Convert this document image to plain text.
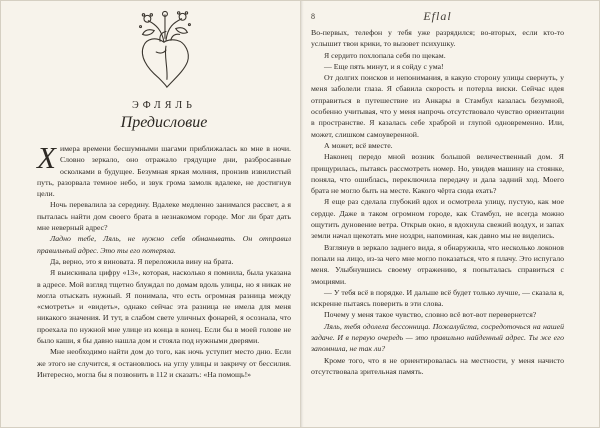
ЭФЛЯЛЬ
Предисловие

Химера времени бесшумными шагами приближалась ко мне в ночи. Словно зеркало, оно отражало грядущие дни, разбросанные осколками в будущее. Безумная яркая молния, пронзив извилистый путь, разорвала темное небо, и звук грома замолк вдалеке, не достигнув цели.

Ночь перевалила за середину. Вдалеке медленно занимался рассвет, а я пыталась найти дом своего брата в незнакомом городе. Мог ли брат дать мне неверный адрес?

Ладно тебе, Ляль, не нужно себя обманывать. Он отправил правильный адрес. Это ты его потеряла.

Да, верно, это я виновата. Я переложила вину на брата.

Я выискивала цифру «13», которая, насколько я помнила, была указана в адресе. Мой взгляд тщетно блуждал по домам вдоль улицы, но я никак не могла отыскать нужный. Я понимала, что есть огромная разница между «смотреть» и «видеть», однако сейчас эта разница не имела для меня никакого значения. И тут, в слабом свете уличных фонарей, я осознала, что проехала по нужной мне улице из конца в конец. Если бы в моей голове не было каши, я бы давно нашла дом и стояла под нужными дверями.

Мне необходимо найти дом до того, как ночь уступит место дню. Если же этого не случится, я остановлюсь на углу улицы и закричу от бессилия. Интересно, могла бы я позвонить в 112 и сказать: «На помощь!»

8	Eflal

Во-первых, телефон у тебя уже разрядился; во-вторых, если кто-то услышит твои крики, то вызовет психушку.

Я сердито похлопала себя по щекам.

— Еще пять минут, и я сойду с ума!

От долгих поисков и непонимания, в какую сторону улицы свернуть, у меня заболели глаза. Я сбавила скорость и потерла виски. Сейчас идея отправиться в путешествие из Анкары в Стамбул казалась безумной, особенно учитывая, что у меня напрочь отсутствовало чувство ориентации в пространстве. Я казалась себе храброй и глупой одновременно. Или, может, слишком самоуверенной.

А может, всё вместе.

Наконец передо мной возник большой величественный дом. Я прищурилась, пытаясь рассмотреть номер. Но, увидев машину на стоянке, поняла, что ошиблась, переключила передачу и дала задний ход. Моего брата не могло быть на месте. Какого чёрта сюда ехать?

Я еще раз сделала глубокий вдох и осмотрела улицу, пустую, как мое сердце. Даже в таком огромном городе, как Стамбул, не всегда можно ощутить дуновение ветра. Открыв окно, я вдохнула свежий воздух, и запах земли начал щекотать мне ноздри, напоминая, как давно мы не виделись.

Взглянув в зеркало заднего вида, я обнаружила, что несколько локонов попали на лицо, из-за чего мне могло показаться, что я плачу. Это испугало меня. Улыбнувшись своему отражению, я попыталась справиться с эмоциями.

— У тебя всё в порядке. И дальше всё будет только лучше, — сказала я, искренне пытаясь поверить в эти слова.

Почему у меня такое чувство, словно всё вот-вот перевернется?

Ляль, тебя одолела бессонница. Пожалуйста, сосредоточься на нашей задаче. И в первую очередь — это правильно найденный адрес. Ты же его запомнила, не так ли?

Кроме того, что я не ориентировалась на местности, у меня начисто отсутствовала зрительная память.
